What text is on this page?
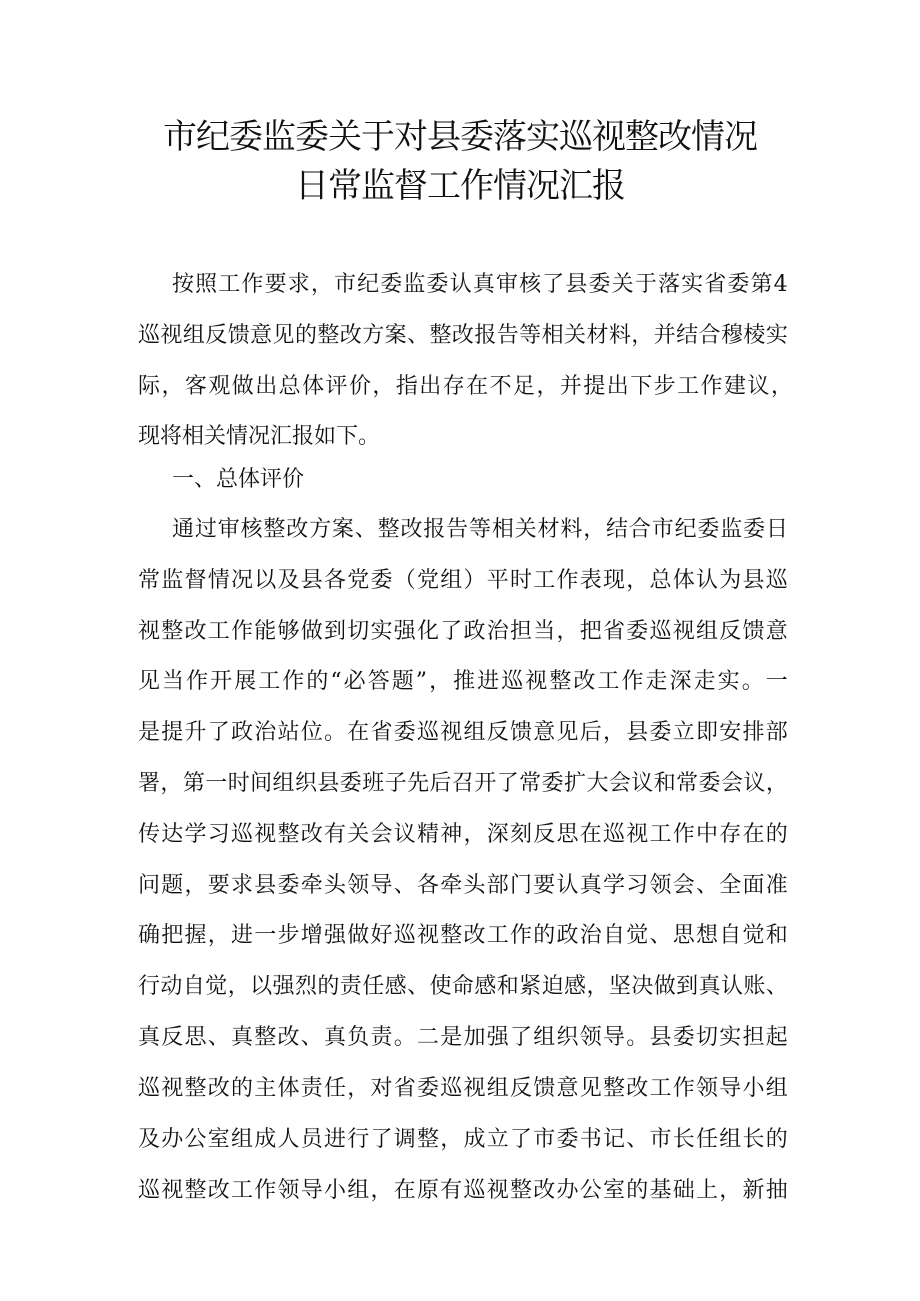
市纪委监委关于对县委落实巡视整改情况
日常监督工作情况汇报
按 照 工 作 要 求 ， 市 纪 委 监 委 认 真 审 核 了 县 委 关 于 落 实 省 委 第 4
巡 视 组 反 馈 意 见 的 整 改 方 案 、 整 改 报 告 等 相 关 材 料 ， 并 结 合 穆 棱 实
际 ， 客 观 做 出 总 体 评 价 ， 指 出 存 在 不 足 ， 并 提 出 下 步 工 作 建 议 ，
现将相关情况汇报如下。
一、总体评价
通 过 审 核 整 改 方 案 、 整 改 报 告 等 相 关 材 料 ， 结 合 市 纪 委 监 委 日
常 监 督 情 况 以 及 县 各 党 委 （ 党 组 ） 平 时 工 作 表 现 ， 总 体 认 为 县 巡
视 整 改 工 作 能 够 做 到 切 实 强 化 了 政 治 担 当 ， 把 省 委 巡 视 组 反 馈 意
见 当 作 开 展 工 作 的 “ 必 答 题 ” ， 推 进 巡 视 整 改 工 作 走 深 走 实 。 一
是 提 升 了 政 治 站 位 。 在 省 委 巡 视 组 反 馈 意 见 后 ， 县 委 立 即 安 排 部
署 ， 第 一 时 间 组 织 县 委 班 子 先 后 召 开 了 常 委 扩 大 会 议 和 常 委 会 议 ，
传 达 学 习 巡 视 整 改 有 关 会 议 精 神 ， 深 刻 反 思 在 巡 视 工 作 中 存 在 的
问 题 ， 要 求 县 委 牵 头 领 导 、 各 牵 头 部 门 要 认 真 学 习 领 会 、 全 面 准
确 把 握 ， 进 一 步 增 强 做 好 巡 视 整 改 工 作 的 政 治 自 觉 、 思 想 自 觉 和
行 动 自 觉 ， 以 强 烈 的 责 任 感 、 使 命 感 和 紧 迫 感 ， 坚 决 做 到 真 认 账 、
真 反 思 、 真 整 改 、 真 负 责 。 二 是 加 强 了 组 织 领 导 。 县 委 切 实 担 起
巡 视 整 改 的 主 体 责 任 ， 对 省 委 巡 视 组 反 馈 意 见 整 改 工 作 领 导 小 组
及 办 公 室 组 成 人 员 进 行 了 调 整 ， 成 立 了 市 委 书 记 、 市 长 任 组 长 的
巡 视 整 改 工 作 领 导 小 组 ， 在 原 有 巡 视 整 改 办 公 室 的 基 础 上 ， 新 抽
